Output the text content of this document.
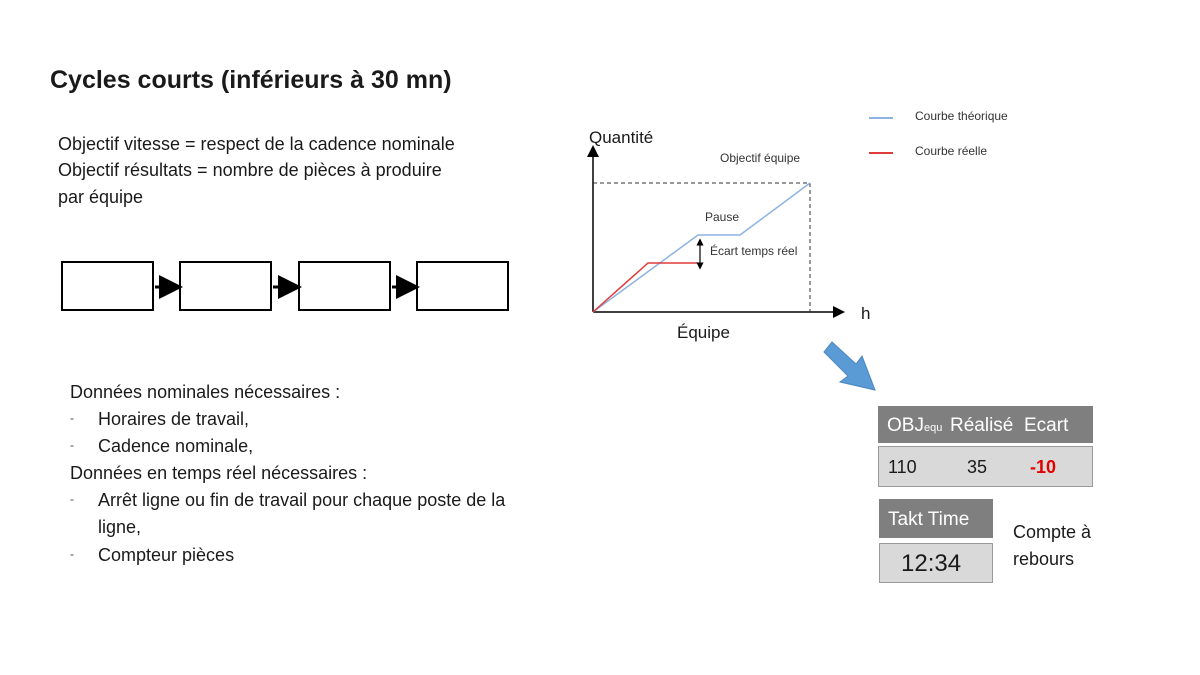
Cycles courts (inférieurs à 30 mn)
Objectif vitesse = respect de la cadence nominale
Objectif résultats = nombre de pièces à produire
par équipe
Données nominales nécessaires :
- Horaires de travail,
- Cadence nominale,
Données en temps réel nécessaires :
- Arrêt ligne ou fin de travail pour chaque poste de la
ligne,
- Compteur pièces
Quantité
h
Équipe
Objectif équipe
Pause
Écart temps réel
Courbe théorique
Courbe réelle
OBJequ Réalisé Ecart
110	35 -10
Takt Time
12:34
Compte à
rebours
